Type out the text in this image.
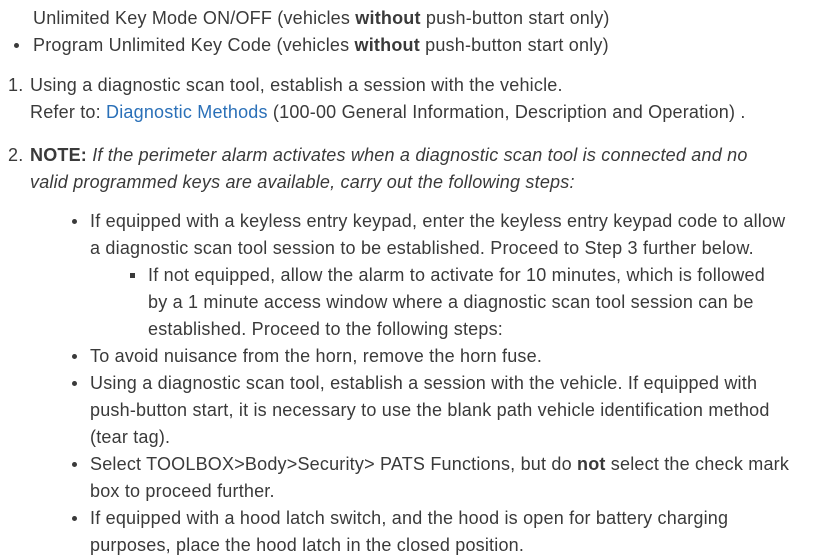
Unlimited Key Mode ON/OFF (vehicles without push-button start only)

Program Unlimited Key Code (vehicles without push-button start only)

1. Using a diagnostic scan tool, establish a session with the vehicle.

Refer to: Diagnostic Methods (100-00 General Information, Description and Operation) .

2. NOTE: If the perimeter alarm activates when a diagnostic scan tool is connected and no valid programmed keys are available, carry out the following steps:

If equipped with a keyless entry keypad, enter the keyless entry keypad code to allow a diagnostic scan tool session to be established. Proceed to Step 3 further below.

If not equipped, allow the alarm to activate for 10 minutes, which is followed by a 1 minute access window where a diagnostic scan tool session can be established. Proceed to the following steps:

To avoid nuisance from the horn, remove the horn fuse.

Using a diagnostic scan tool, establish a session with the vehicle. If equipped with push-button start, it is necessary to use the blank path vehicle identification method (tear tag).

Select TOOLBOX>Body>Security> PATS Functions, but do not select the check mark box to proceed further.

If equipped with a hood latch switch, and the hood is open for battery charging purposes, place the hood latch in the closed position.
